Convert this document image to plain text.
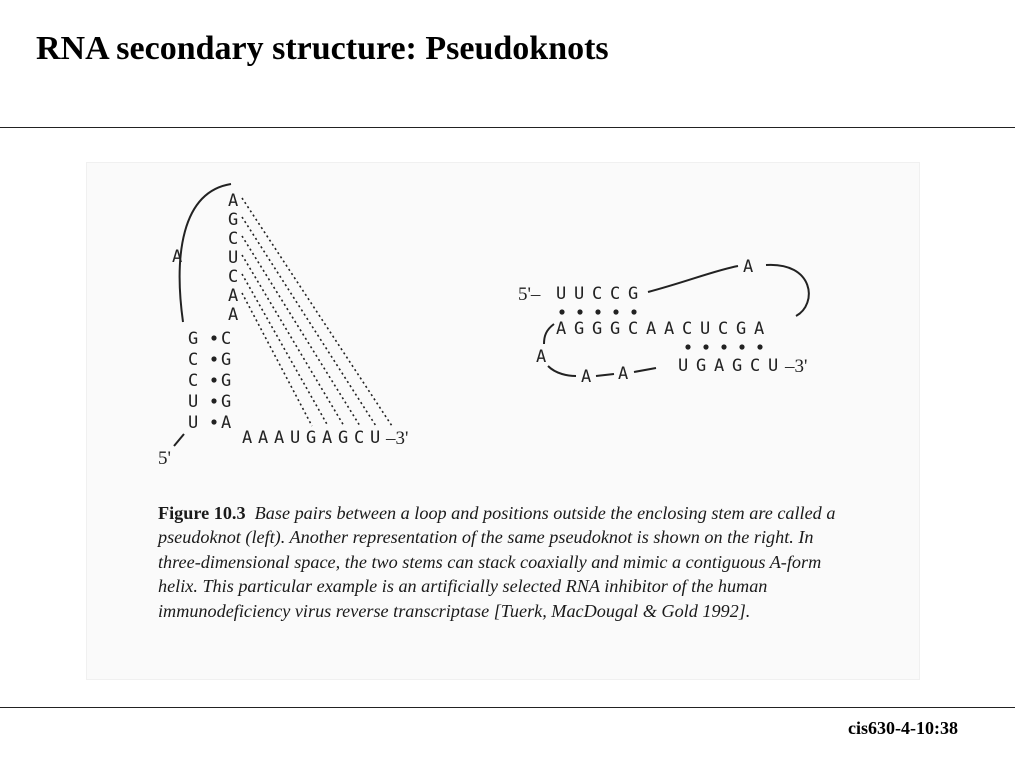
RNA secondary structure: Pseudoknots
A
A
G
C
U
C
A
A
G C
C G
C G
U G
U A
5'
A A A U G A G C U –3'
5'– U U C C G
A
A G G G C A A C U C G A
A
A A	U G A G C U –3'
Figure 10.3 Base pairs between a loop and positions outside the enclosing stem are called a pseudoknot (left). Another representation of the same pseudoknot is shown on the right. In three-dimensional space, the two stems can stack coaxially and mimic a contiguous A-form helix. This particular example is an artificially selected RNA inhibitor of the human immunodeficiency virus reverse transcriptase [Tuerk, MacDougal & Gold 1992].
cis630-4-10:38
